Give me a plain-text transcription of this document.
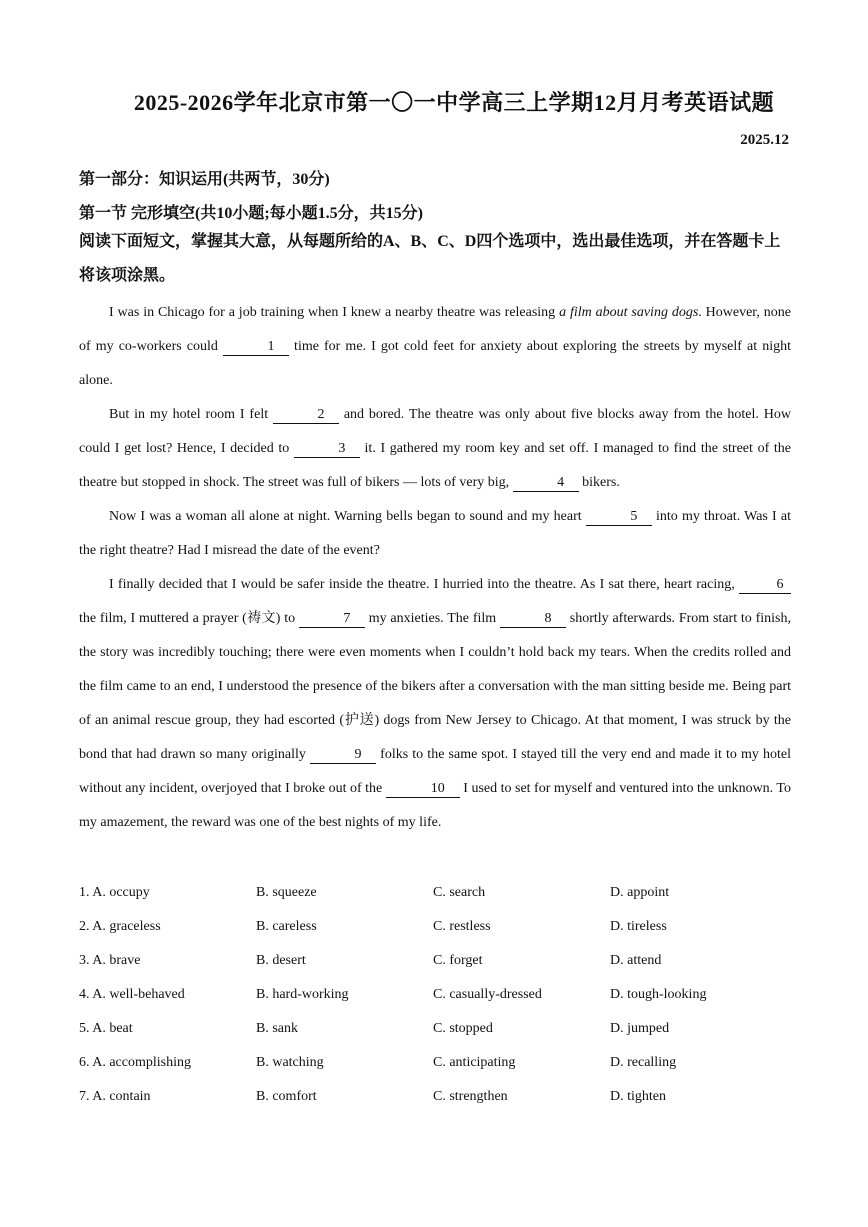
2025-2026学年北京市第一〇一中学高三上学期12月月考英语试题
2025.12
第一部分：知识运用(共两节，30分)
第一节 完形填空(共10小题;每小题1.5分，共15分)
阅读下面短文，掌握其大意，从每题所给的A、B、C、D四个选项中，选出最佳选项，并在答题卡上将该项涂黑。

I was in Chicago for a job training when I knew a nearby theatre was releasing a film about saving dogs. However, none of my co-workers could	1 time for me. I got cold feet for anxiety about exploring the streets by myself at night alone.

But in my hotel room I felt	2 and bored. The theatre was only about five blocks away from the hotel. How could I get lost? Hence, I decided to	3 it. I gathered my room key and set off. I managed to find the street of the theatre but stopped in shock. The street was full of bikers — lots of very big,	4 bikers.

Now I was a woman all alone at night. Warning bells began to sound and my heart	5 into my throat. Was I at the right theatre? Had I misread the date of the event?

I finally decided that I would be safer inside the theatre. I hurried into the theatre. As I sat there, heart racing,	6 the film, I muttered a prayer (祷文) to	7 my anxieties. The film	8 shortly afterwards. From start to finish, the story was incredibly touching; there were even moments when I couldn’t hold back my tears. When the credits rolled and the film came to an end, I understood the presence of the bikers after a conversation with the man sitting beside me. Being part of an animal rescue group, they had escorted (护送) dogs from New Jersey to Chicago. At that moment, I was struck by the bond that had drawn so many originally	9 folks to the same spot. I stayed till the very end and made it to my hotel without any incident, overjoyed that I broke out of the	10 I used to set for myself and ventured into the unknown. To my amazement, the reward was one of the best nights of my life.

1. A. occupy	B. squeeze	C. search	D. appoint
2. A. graceless	B. careless	C. restless	D. tireless
3. A. brave	B. desert	C. forget	D. attend
4. A. well-behaved	B. hard-working	C. casually-dressed	D. tough-looking
5. A. beat	B. sank	C. stopped	D. jumped
6. A. accomplishing	B. watching	C. anticipating	D. recalling
7. A. contain	B. comfort	C. strengthen	D. tighten
